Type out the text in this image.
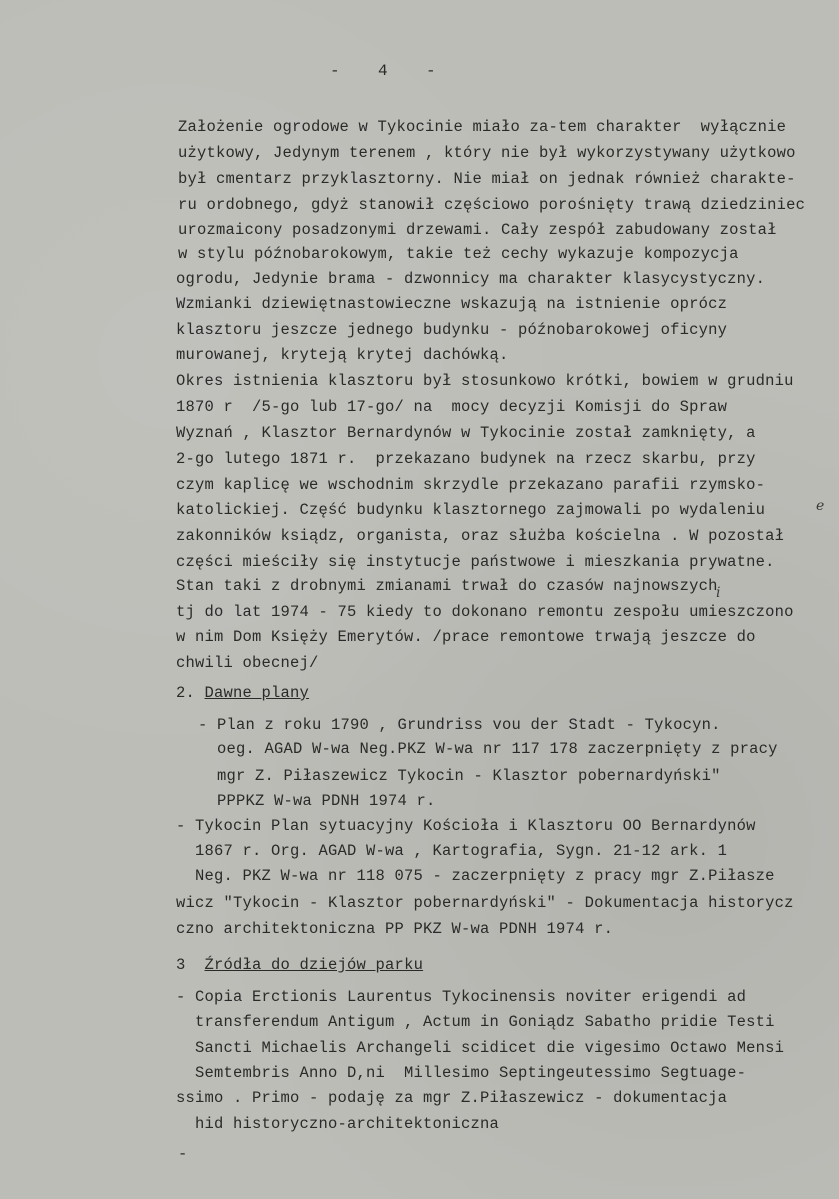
-    4    -
Założenie ogrodowe w Tykocinie miało za-tem charakter  wyłącznie
użytkowy, Jedynym terenem , który nie był wykorzystywany użytkowo
był cmentarz przyklasztorny. Nie miał on jednak również charakte-
ru ordobnego, gdyż stanowił częściowo porośnięty trawą dziedziniec
urozmaicony posadzonymi drzewami. Cały zespół zabudowany został
w stylu późnobarokowym, takie też cechy wykazuje kompozycja
ogrodu, Jedynie brama - dzwonnicy ma charakter klasycystyczny.
Wzmianki dziewiętnastowieczne wskazują na istnienie oprócz
klasztoru jeszcze jednego budynku - późnobarokowej oficyny
murowanej, kryteją krytej dachówką.
Okres istnienia klasztoru był stosunkowo krótki, bowiem w grudniu
1870 r  /5-go lub 17-go/ na  mocy decyzji Komisji do Spraw
Wyznań , Klasztor Bernardynów w Tykocinie został zamknięty, a
2-go lutego 1871 r.  przekazano budynek na rzecz skarbu, przy
czym kaplicę we wschodnim skrzydle przekazano parafii rzymsko-
katolickiej. Część budynku klasztornego zajmowali po wydaleniu	e
zakonników ksiądz, organista, oraz służba kościelna . W pozostał
części mieściły się instytucje państwowe i mieszkania prywatne.
Stan taki z drobnymi zmianami trwał do czasów najnowszych
i
tj do lat 1974 - 75 kiedy to dokonano remontu zespołu umieszczono
w nim Dom Księży Emerytów. /prace remontowe trwają jeszcze do
chwili obecnej/
2. Dawne plany
- Plan z roku 1790 , Grundriss vou der Stadt - Tykocyn.
oeg. AGAD W-wa Neg.PKZ W-wa nr 117 178 zaczerpnięty z pracy
mgr Z. Piłaszewicz Tykocin - Klasztor pobernardyński"
PPPKZ W-wa PDNH 1974 r.
- Tykocin Plan sytuacyjny Kościoła i Klasztoru OO Bernardynów
1867 r. Org. AGAD W-wa , Kartografia, Sygn. 21-12 ark. 1
Neg. PKZ W-wa nr 118 075 - zaczerpnięty z pracy mgr Z.Piłasze
wicz "Tykocin - Klasztor pobernardyński" - Dokumentacja historycz
czno architektoniczna PP PKZ W-wa PDNH 1974 r.
3 Źródła do dziejów parku
- Copia Erctionis Laurentus Tykocinensis noviter erigendi ad
transferendum Antigum , Actum in Goniądz Sabatho pridie Testi
Sancti Michaelis Archangeli scidicet die vigesimo Octawo Mensi
Semtembris Anno D,ni  Millesimo Septingeutessimo Segtuage-
ssimo . Primo - podaję za mgr Z.Piłaszewicz - dokumentacja
hid historyczno-architektoniczna
-
